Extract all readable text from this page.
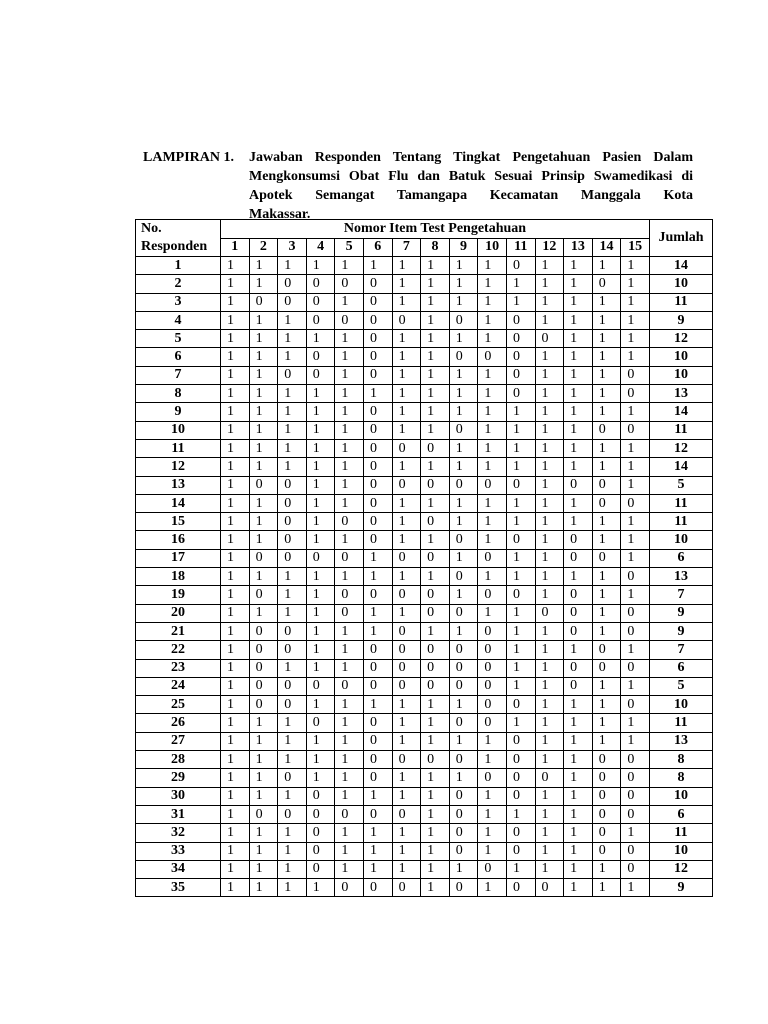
LAMPIRAN 1. Jawaban Responden Tentang Tingkat Pengetahuan Pasien Dalam
Mengkonsumsi Obat Flu dan Batuk Sesuai Prinsip Swamedikasi di
Apotek Semangat Tamangapa Kecamatan Manggala Kota
Makassar.
No.
Responden	Nomor Item Test Pengetahuan															Jumlah
	1	2	3	4	5	6	7	8	9	10	11	12	13	14	15	
1	1	1	1	1	1	1	1	1	1	1	0	1	1	1	1	14
2	1	1	0	0	0	0	1	1	1	1	1	1	1	0	1	10
3	1	0	0	0	1	0	1	1	1	1	1	1	1	1	1	11
4	1	1	1	0	0	0	0	1	0	1	0	1	1	1	1	9
5	1	1	1	1	1	0	1	1	1	1	0	0	1	1	1	12
6	1	1	1	0	1	0	1	1	0	0	0	1	1	1	1	10
7	1	1	0	0	1	0	1	1	1	1	0	1	1	1	0	10
8	1	1	1	1	1	1	1	1	1	1	0	1	1	1	0	13
9	1	1	1	1	1	0	1	1	1	1	1	1	1	1	1	14
10	1	1	1	1	1	0	1	1	0	1	1	1	1	0	0	11
11	1	1	1	1	1	0	0	0	1	1	1	1	1	1	1	12
12	1	1	1	1	1	0	1	1	1	1	1	1	1	1	1	14
13	1	0	0	1	1	0	0	0	0	0	0	1	0	0	1	5
14	1	1	0	1	1	0	1	1	1	1	1	1	1	0	0	11
15	1	1	0	1	0	0	1	0	1	1	1	1	1	1	1	11
16	1	1	0	1	1	0	1	1	0	1	0	1	0	1	1	10
17	1	0	0	0	0	1	0	0	1	0	1	1	0	0	1	6
18	1	1	1	1	1	1	1	1	0	1	1	1	1	1	0	13
19	1	0	1	1	0	0	0	0	1	0	0	1	0	1	1	7
20	1	1	1	1	0	1	1	0	0	1	1	0	0	1	0	9
21	1	0	0	1	1	1	0	1	1	0	1	1	0	1	0	9
22	1	0	0	1	1	0	0	0	0	0	1	1	1	0	1	7
23	1	0	1	1	1	0	0	0	0	0	1	1	0	0	0	6
24	1	0	0	0	0	0	0	0	0	0	1	1	0	1	1	5
25	1	0	0	1	1	1	1	1	1	0	0	1	1	1	0	10
26	1	1	1	0	1	0	1	1	0	0	1	1	1	1	1	11
27	1	1	1	1	1	0	1	1	1	1	0	1	1	1	1	13
28	1	1	1	1	1	0	0	0	0	1	0	1	1	0	0	8
29	1	1	0	1	1	0	1	1	1	0	0	0	1	0	0	8
30	1	1	1	0	1	1	1	1	0	1	0	1	1	0	0	10
31	1	0	0	0	0	0	0	1	0	1	1	1	1	0	0	6
32	1	1	1	0	1	1	1	1	0	1	0	1	1	0	1	11
33	1	1	1	0	1	1	1	1	0	1	0	1	1	0	0	10
34	1	1	1	0	1	1	1	1	1	0	1	1	1	1	0	12
35	1	1	1	1	0	0	0	1	0	1	0	0	1	1	1	9
